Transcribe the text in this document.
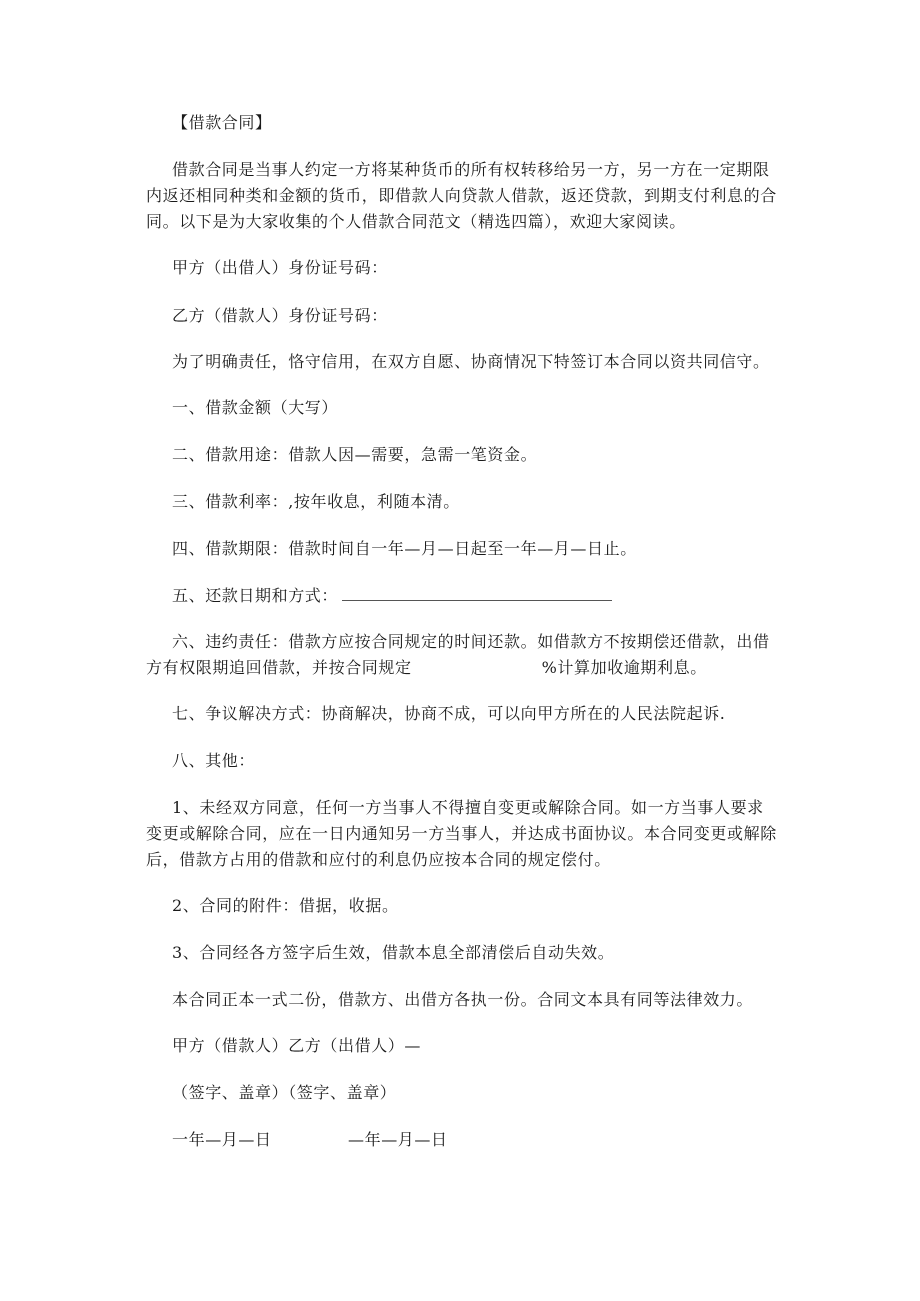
【借款合同】
借款合同是当事人约定一方将某种货币的所有权转移给另一方，另一方在一定期限
内返还相同种类和金额的货币，即借款人向贷款人借款，返还贷款，到期支付利息的合
同。以下是为大家收集的个人借款合同范文（精选四篇），欢迎大家阅读。
甲方（出借人）身份证号码：
乙方（借款人）身份证号码：
为了明确责任，恪守信用，在双方自愿、协商情况下特签订本合同以资共同信守。
一、借款金额（大写）
二、借款用途：借款人因—需要，急需一笔资金。
三、借款利率：,按年收息，利随本清。
四、借款期限：借款时间自一年—月—日起至一年—月—日止。
五、还款日期和方式：
六、违约责任：借款方应按合同规定的时间还款。如借款方不按期偿还借款，出借
方有权限期追回借款，并按合同规定	%计算加收逾期利息。
七、争议解决方式：协商解决，协商不成，可以向甲方所在的人民法院起诉.
八、其他：
1、未经双方同意，任何一方当事人不得擅自变更或解除合同。如一方当事人要求
变更或解除合同，应在一日内通知另一方当事人，并达成书面协议。本合同变更或解除
后，借款方占用的借款和应付的利息仍应按本合同的规定偿付。
2、合同的附件：借据，收据。
3、合同经各方签字后生效，借款本息全部清偿后自动失效。
本合同正本一式二份，借款方、出借方各执一份。合同文本具有同等法律效力。
甲方（借款人）乙方（出借人）—
（签字、盖章）（签字、盖章）
一年—月—日	—年—月—日
